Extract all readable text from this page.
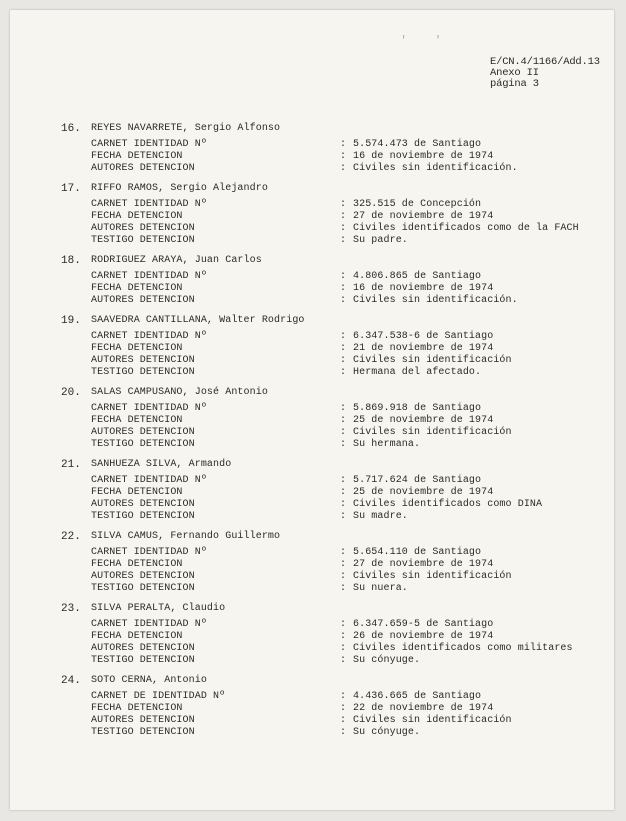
' '
E/CN.4/1166/Add.13
Anexo II
página 3
16. REYES NAVARRETE, Sergio Alfonso
CARNET IDENTIDAD Nº	: 5.574.473 de Santiago
FECHA DETENCION	: 16 de noviembre de 1974
AUTORES DETENCION	: Civiles sin identificación.
17. RIFFO RAMOS, Sergio Alejandro
CARNET IDENTIDAD Nº	: 325.515 de Concepción
FECHA DETENCION	: 27 de noviembre de 1974
AUTORES DETENCION	: Civiles identificados como de la FACH
TESTIGO DETENCION	: Su padre.
18. RODRIGUEZ ARAYA, Juan Carlos
CARNET IDENTIDAD Nº	: 4.806.865 de Santiago
FECHA DETENCION	: 16 de noviembre de 1974
AUTORES DETENCION	: Civiles sin identificación.
19. SAAVEDRA CANTILLANA, Walter Rodrigo
CARNET IDENTIDAD Nº	: 6.347.538-6 de Santiago
FECHA DETENCION	: 21 de noviembre de 1974
AUTORES DETENCION	: Civiles sin identificación
TESTIGO DETENCION	: Hermana del afectado.
20. SALAS CAMPUSANO, José Antonio
CARNET IDENTIDAD Nº	: 5.869.918 de Santiago
FECHA DETENCION	: 25 de noviembre de 1974
AUTORES DETENCION	: Civiles sin identificación
TESTIGO DETENCION	: Su hermana.
21. SANHUEZA SILVA, Armando
CARNET IDENTIDAD Nº	: 5.717.624 de Santiago
FECHA DETENCION	: 25 de noviembre de 1974
AUTORES DETENCION	: Civiles identificados como DINA
TESTIGO DETENCION	: Su madre.
22. SILVA CAMUS, Fernando Guillermo
CARNET IDENTIDAD Nº	: 5.654.110 de Santiago
FECHA DETENCION	: 27 de noviembre de 1974
AUTORES DETENCION	: Civiles sin identificación
TESTIGO DETENCION	: Su nuera.
23. SILVA PERALTA, Claudio
CARNET IDENTIDAD Nº	: 6.347.659-5 de Santiago
FECHA DETENCION	: 26 de noviembre de 1974
AUTORES DETENCION	: Civiles identificados como militares
TESTIGO DETENCION	: Su cónyuge.
24. SOTO CERNA, Antonio
CARNET DE IDENTIDAD Nº	: 4.436.665 de Santiago
FECHA DETENCION	: 22 de noviembre de 1974
AUTORES DETENCION	: Civiles sin identificación
TESTIGO DETENCION	: Su cónyuge.
